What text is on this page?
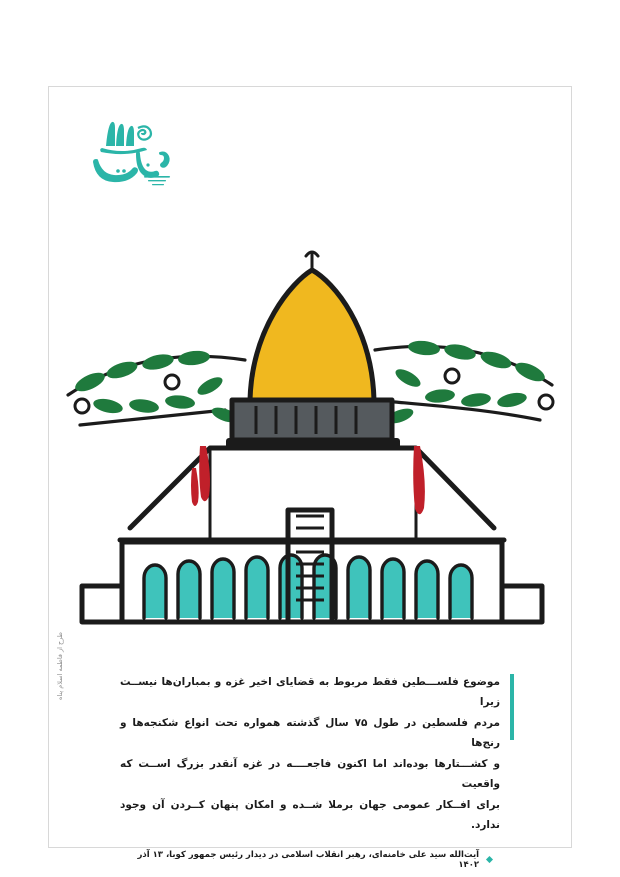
موضوع فلســـطین فقط مربوط به قضایای اخیر غزه و بمباران‌ها نیســت زیرا
مردم فلسطین در طول ۷۵ سال گذشته همواره تحت انواع شکنجه‌ها و رنج‌ها
و کشـــتارها بوده‌اند اما اکنون فاجعــــه در غزه آنقدر بزرگ اســت که واقعیت
برای افــکار عمومی جهان برملا شــده و امکان پنهان کــردن آن وجود ندارد.
آیت‌الله سید علی خامنه‌ای، رهبر انقلاب اسلامی در دیدار رئیس جمهور کوبا، ۱۳ آذر ۱۴۰۲
طرح از فاطمه اسلام پناه
